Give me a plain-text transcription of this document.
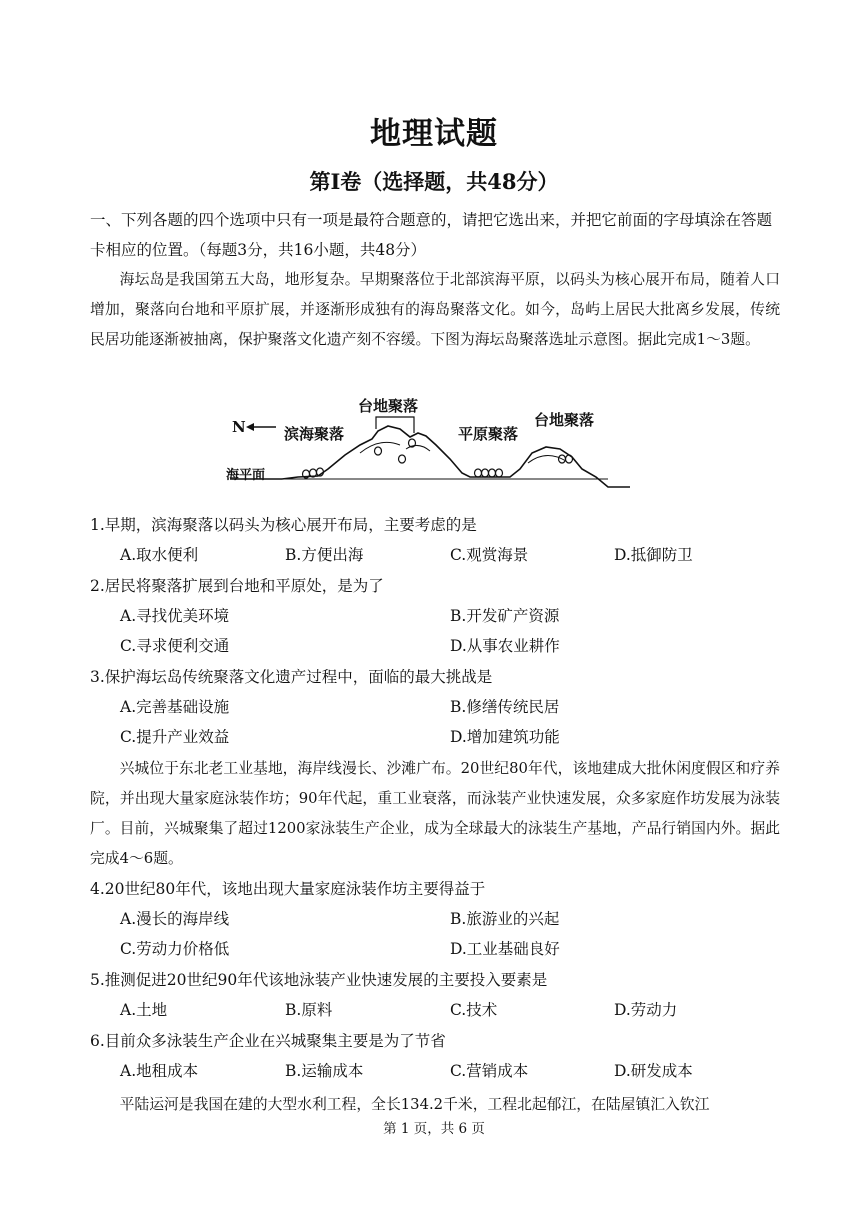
地理试题
第Ⅰ卷（选择题，共48分）
一、下列各题的四个选项中只有一项是最符合题意的，请把它选出来，并把它前面的字母填涂在答题卡相应的位置。（每题3分，共16小题，共48分）
海坛岛是我国第五大岛，地形复杂。早期聚落位于北部滨海平原，以码头为核心展开布局，随着人口增加，聚落向台地和平原扩展，并逐渐形成独有的海岛聚落文化。如今，岛屿上居民大批离乡发展，传统民居功能逐渐被抽离，保护聚落文化遗产刻不容缓。下图为海坛岛聚落选址示意图。据此完成1～3题。
N	滨海聚落
台地聚落
平原聚落
台地聚落
海平面
1.早期，滨海聚落以码头为核心展开布局，主要考虑的是
A.取水便利	B.方便出海	C.观赏海景	D.抵御防卫
2.居民将聚落扩展到台地和平原处，是为了
A.寻找优美环境	B.开发矿产资源
C.寻求便利交通	D.从事农业耕作
3.保护海坛岛传统聚落文化遗产过程中，面临的最大挑战是
A.完善基础设施	B.修缮传统民居
C.提升产业效益	D.增加建筑功能
兴城位于东北老工业基地，海岸线漫长、沙滩广布。20世纪80年代，该地建成大批休闲度假区和疗养院，并出现大量家庭泳装作坊；90年代起，重工业衰落，而泳装产业快速发展，众多家庭作坊发展为泳装厂。目前，兴城聚集了超过1200家泳装生产企业，成为全球最大的泳装生产基地，产品行销国内外。据此完成4～6题。
4.20世纪80年代，该地出现大量家庭泳装作坊主要得益于
A.漫长的海岸线	B.旅游业的兴起
C.劳动力价格低	D.工业基础良好
5.推测促进20世纪90年代该地泳装产业快速发展的主要投入要素是
A.土地	B.原料	C.技术	D.劳动力
6.目前众多泳装生产企业在兴城聚集主要是为了节省
A.地租成本	B.运输成本	C.营销成本	D.研发成本
平陆运河是我国在建的大型水利工程，全长134.2千米，工程北起郁江，在陆屋镇汇入钦江
第 1 页，共 6 页
